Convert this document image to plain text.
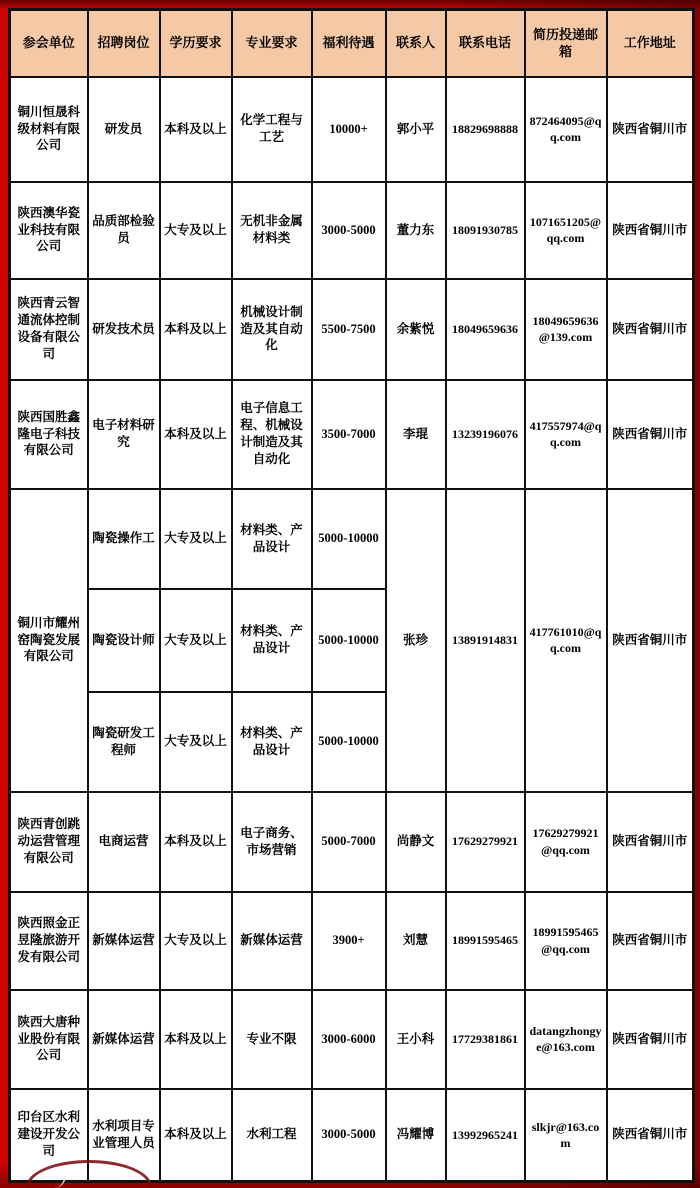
参会单位	招聘岗位	学历要求	专业要求	福利待遇	联系人	联系电话	简历投递邮箱	工作地址
铜川恒晟科级材料有限公司	研发员	本科及以上	化学工程与工艺	10000+	郭小平	18829698888	872464095@qq.com	陕西省铜川市
陕西澳华瓷业科技有限公司	品质部检验员	大专及以上	无机非金属材料类	3000-5000	董力东	18091930785	1071651205@qq.com	陕西省铜川市
陕西青云智通流体控制设备有限公司	研发技术员	本科及以上	机械设计制造及其自动化	5500-7500	余紫悦	18049659636	18049659636@139.com	陕西省铜川市
陕西国胜鑫隆电子科技有限公司	电子材料研究	本科及以上	电子信息工程、机械设计制造及其自动化	3500-7000	李琨	13239196076	417557974@qq.com	陕西省铜川市
铜川市耀州窑陶瓷发展有限公司	陶瓷操作工	大专及以上	材料类、产品设计	5000-10000	张珍	13891914831	417761010@qq.com	陕西省铜川市
	陶瓷设计师	大专及以上	材料类、产品设计	5000-10000				
	陶瓷研发工程师	大专及以上	材料类、产品设计	5000-10000				
陕西青创跳动运营管理有限公司	电商运营	本科及以上	电子商务、市场营销	5000-7000	尚静文	17629279921	17629279921@qq.com	陕西省铜川市
陕西照金正昱隆旅游开发有限公司	新媒体运营	大专及以上	新媒体运营	3900+	刘慧	18991595465	18991595465@qq.com	陕西省铜川市
陕西大唐种业股份有限公司	新媒体运营	本科及以上	专业不限	3000-6000	王小科	17729381861	datangzhongye@163.com	陕西省铜川市
印台区水利建设开发公司	水利项目专业管理人员	本科及以上	水利工程	3000-5000	冯耀博	13992965241	slkjr@163.com	陕西省铜川市
